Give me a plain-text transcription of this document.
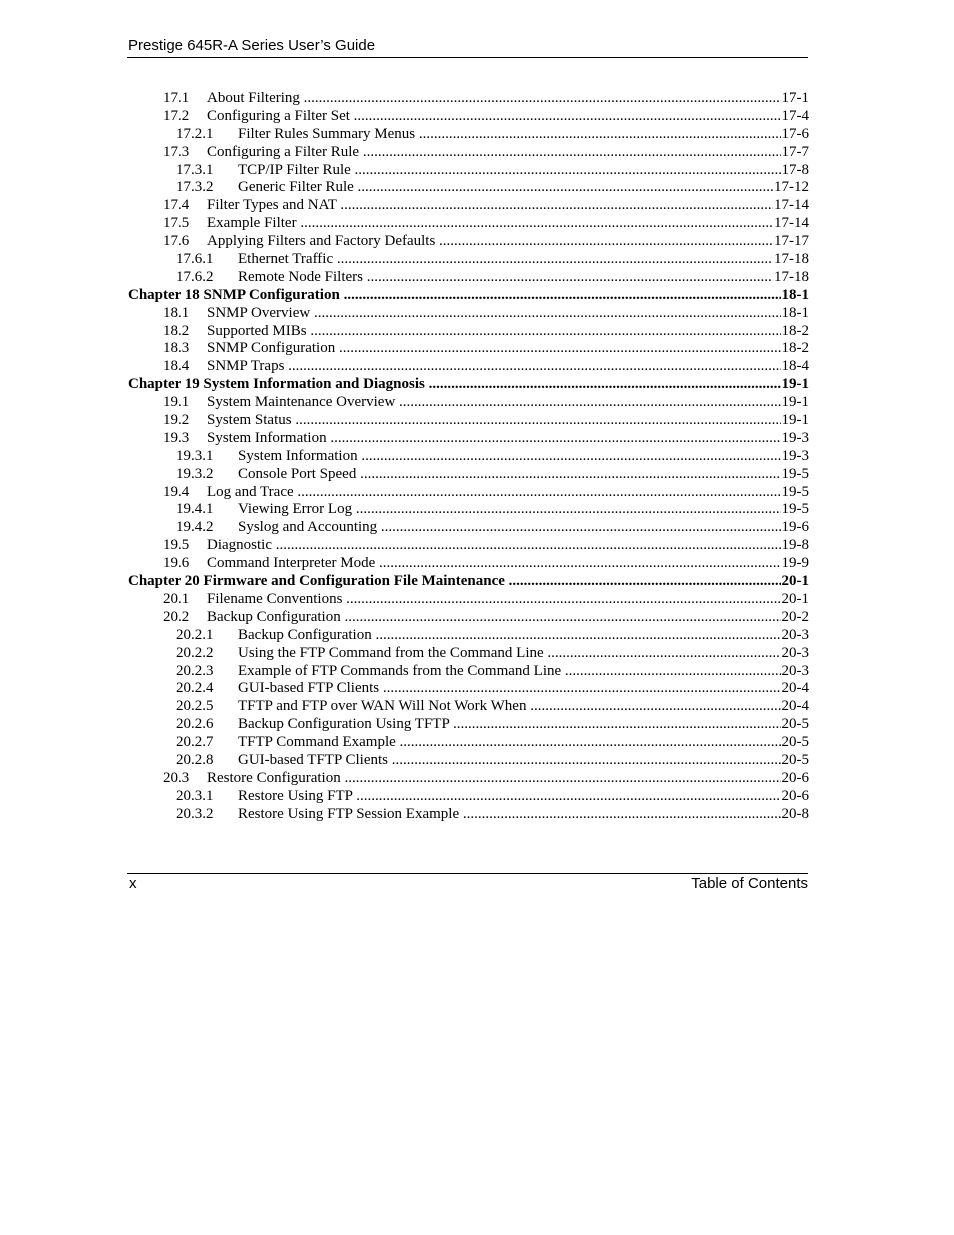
Prestige 645R-A Series User’s Guide
17.1 About Filtering .....	17-1
17.2 Configuring a Filter Set .....	17-4
17.2.1 Filter Rules Summary Menus .....	17-6
17.3 Configuring a Filter Rule .....	17-7
17.3.1 TCP/IP Filter Rule .....	17-8
17.3.2 Generic Filter Rule .....	17-12
17.4 Filter Types and NAT .....	17-14
17.5 Example Filter .....	17-14
17.6 Applying Filters and Factory Defaults .....	17-17
17.6.1 Ethernet Traffic .....	17-18
17.6.2 Remote Node Filters .....	17-18
Chapter 18 SNMP Configuration .....	18-1
18.1 SNMP Overview .....	18-1
18.2 Supported MIBs .....	18-2
18.3 SNMP Configuration .....	18-2
18.4 SNMP Traps .....	18-4
Chapter 19 System Information and Diagnosis .....	19-1
19.1 System Maintenance Overview .....	19-1
19.2 System Status .....	19-1
19.3 System Information .....	19-3
19.3.1 System Information .....	19-3
19.3.2 Console Port Speed .....	19-5
19.4 Log and Trace .....	19-5
19.4.1 Viewing Error Log .....	19-5
19.4.2 Syslog and Accounting .....	19-6
19.5 Diagnostic .....	19-8
19.6 Command Interpreter Mode .....	19-9
Chapter 20 Firmware and Configuration File Maintenance .....	20-1
20.1 Filename Conventions .....	20-1
20.2 Backup Configuration .....	20-2
20.2.1 Backup Configuration .....	20-3
20.2.2 Using the FTP Command from the Command Line .....	20-3
20.2.3 Example of FTP Commands from the Command Line .....	20-3
20.2.4 GUI-based FTP Clients .....	20-4
20.2.5 TFTP and FTP over WAN Will Not Work When .....	20-4
20.2.6 Backup Configuration Using TFTP .....	20-5
20.2.7 TFTP Command Example .....	20-5
20.2.8 GUI-based TFTP Clients .....	20-5
20.3 Restore Configuration .....	20-6
20.3.1 Restore Using FTP .....	20-6
20.3.2 Restore Using FTP Session Example .....	20-8
x	Table of Contents
